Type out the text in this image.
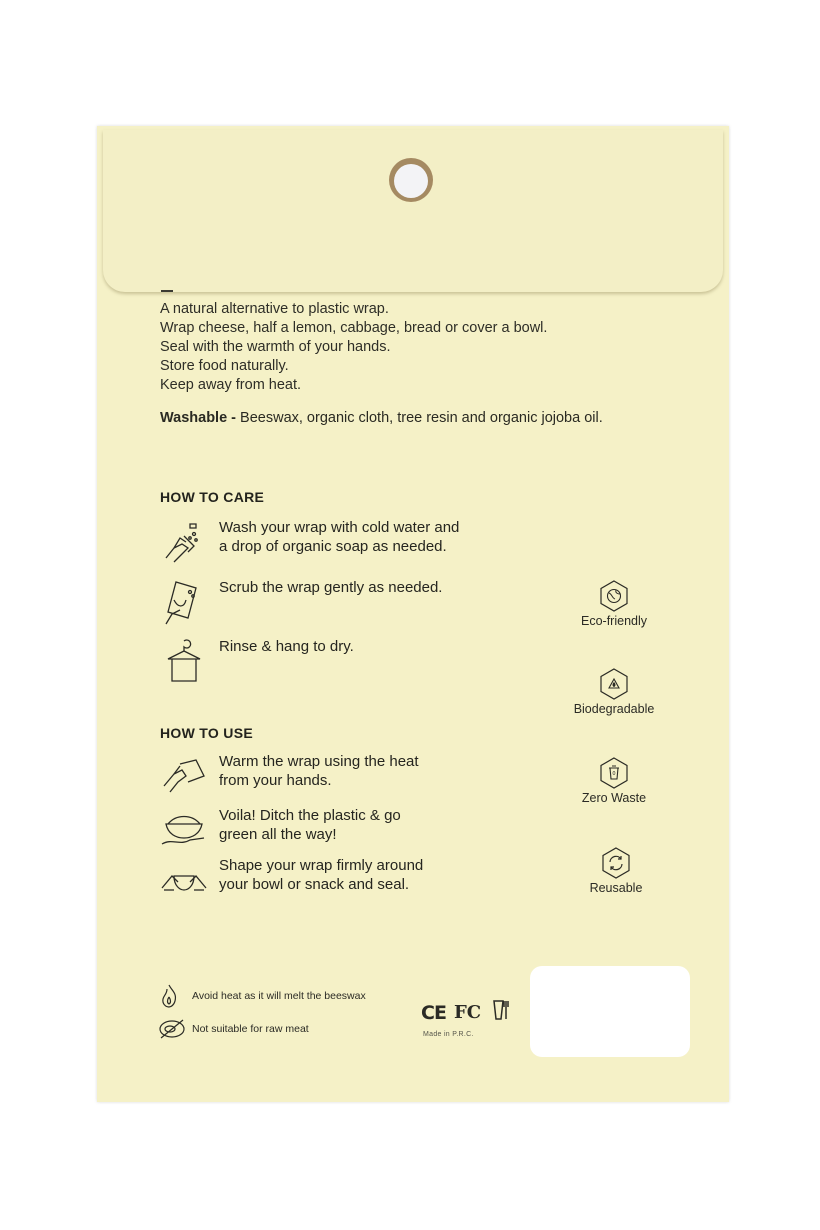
A natural alternative to plastic wrap.
Wrap cheese, half a lemon, cabbage, bread or cover a bowl.
Seal with the warmth of your hands.
Store food naturally.
Keep away from heat.
Washable - Beeswax, organic cloth, tree resin and organic jojoba oil.
HOW TO CARE
Wash your wrap with cold water and
a drop of organic soap as needed.
Scrub the wrap gently as needed.
Rinse & hang to dry.
HOW TO USE
Warm the wrap using the heat
from your hands.
Voila! Ditch the plastic & go
green all the way!
Shape your wrap firmly around
your bowl or snack and seal.
Eco-friendly
Biodegradable
0
Zero Waste
Reusable
Avoid heat as it will melt the beeswax
Not suitable for raw meat
CE FC
Made in P.R.C.
